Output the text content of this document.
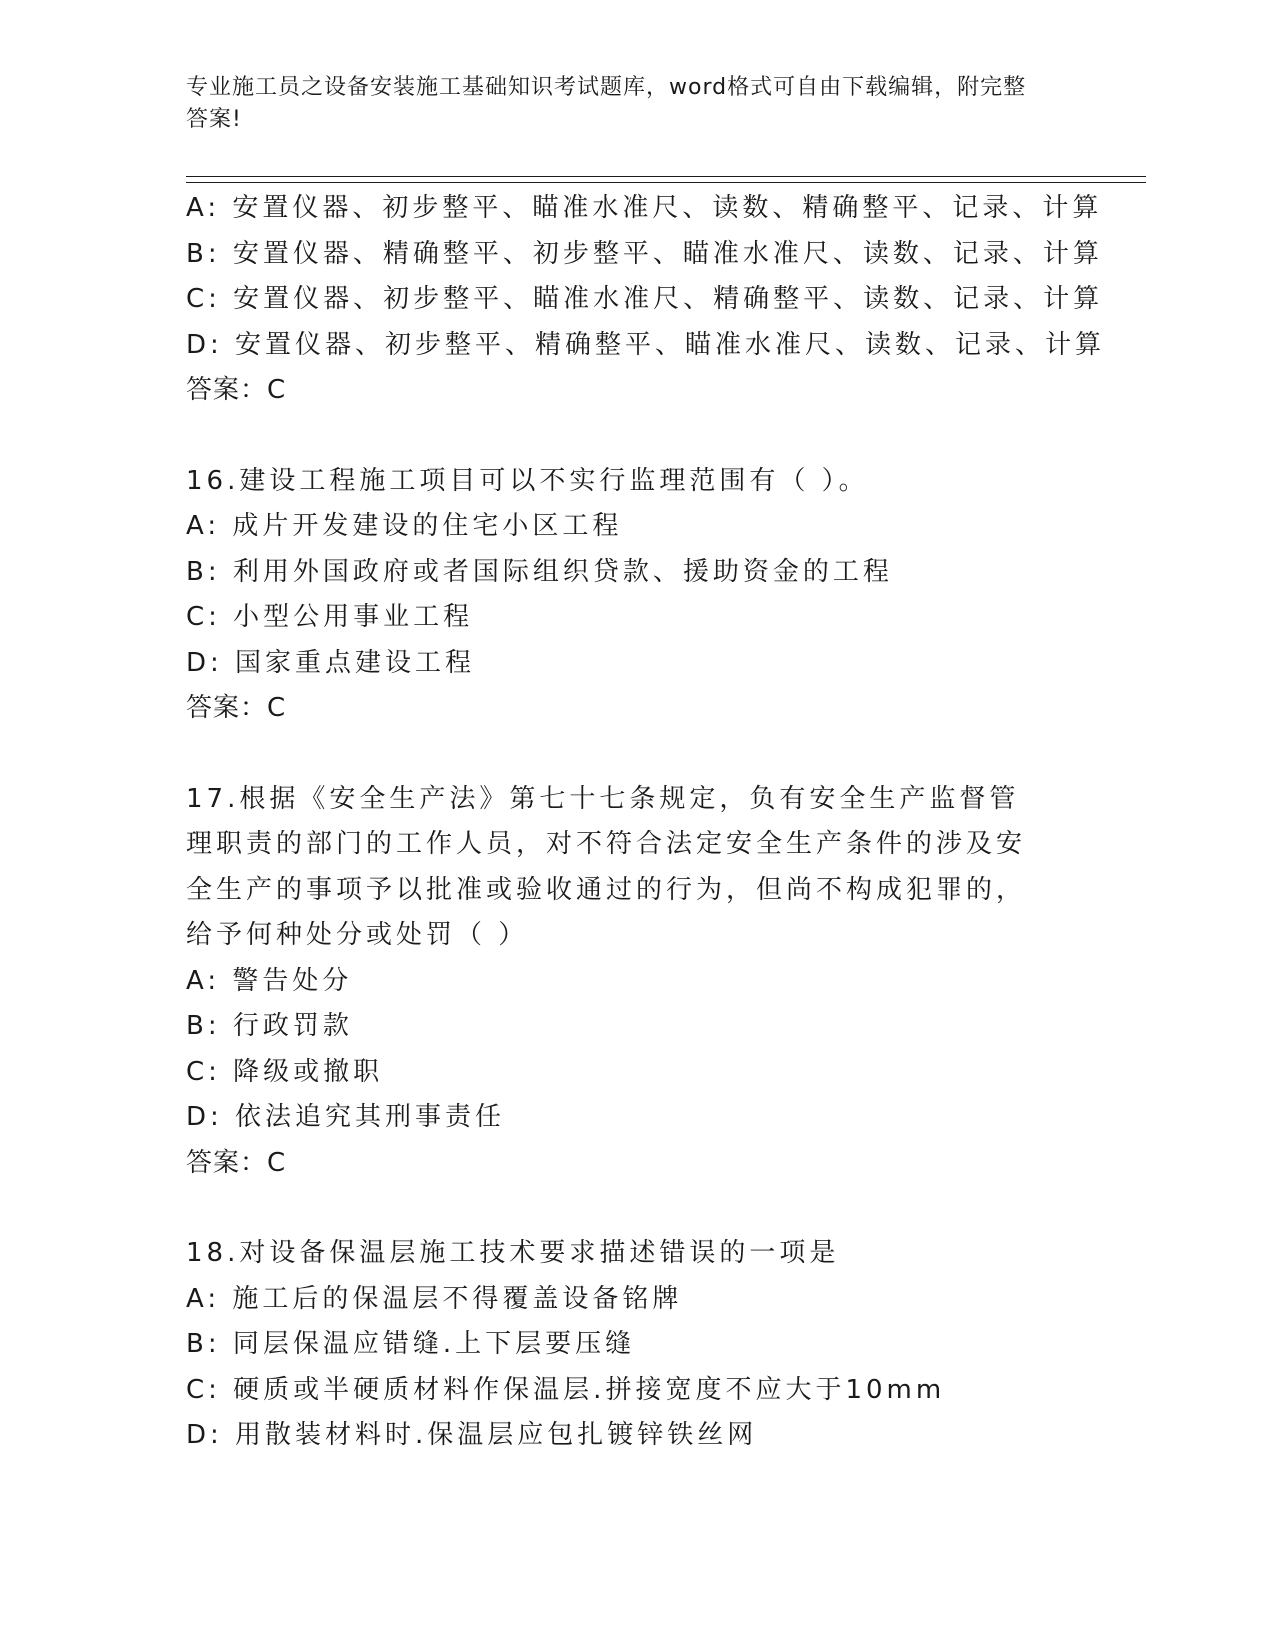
专业施工员之设备安装施工基础知识考试题库，word格式可自由下载编辑，附完整答案!
A: 安置仪器、初步整平、瞄准水准尺、读数、精确整平、记录、计算
B: 安置仪器、精确整平、初步整平、瞄准水准尺、读数、记录、计算
C: 安置仪器、初步整平、瞄准水准尺、精确整平、读数、记录、计算
D: 安置仪器、初步整平、精确整平、瞄准水准尺、读数、记录、计算
答案：C
16.建设工程施工项目可以不实行监理范围有（ ）。
A: 成片开发建设的住宅小区工程
B: 利用外国政府或者国际组织贷款、援助资金的工程
C: 小型公用事业工程
D: 国家重点建设工程
答案：C
17.根据《安全生产法》第七十七条规定，负有安全生产监督管理职责的部门的工作人员，对不符合法定安全生产条件的涉及安全生产的事项予以批准或验收通过的行为，但尚不构成犯罪的，给予何种处分或处罚（ ）
A: 警告处分
B: 行政罚款
C: 降级或撤职
D: 依法追究其刑事责任
答案：C
18.对设备保温层施工技术要求描述错误的一项是
A: 施工后的保温层不得覆盖设备铭牌
B: 同层保温应错缝.上下层要压缝
C: 硬质或半硬质材料作保温层.拼接宽度不应大于10mm
D: 用散装材料时.保温层应包扎镀锌铁丝网
